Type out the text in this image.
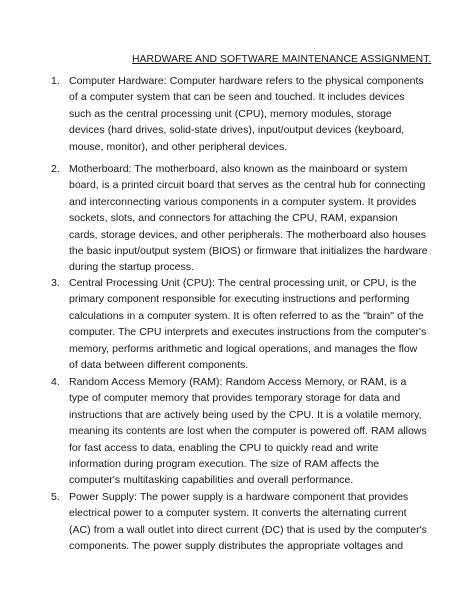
HARDWARE AND SOFTWARE MAINTENANCE ASSIGNMENT.
1. Computer Hardware: Computer hardware refers to the physical components of a computer system that can be seen and touched. It includes devices such as the central processing unit (CPU), memory modules, storage devices (hard drives, solid-state drives), input/output devices (keyboard, mouse, monitor), and other peripheral devices.
2. Motherboard: The motherboard, also known as the mainboard or system board, is a printed circuit board that serves as the central hub for connecting and interconnecting various components in a computer system. It provides sockets, slots, and connectors for attaching the CPU, RAM, expansion cards, storage devices, and other peripherals. The motherboard also houses the basic input/output system (BIOS) or firmware that initializes the hardware during the startup process.
3. Central Processing Unit (CPU): The central processing unit, or CPU, is the primary component responsible for executing instructions and performing calculations in a computer system. It is often referred to as the "brain" of the computer. The CPU interprets and executes instructions from the computer's memory, performs arithmetic and logical operations, and manages the flow of data between different components.
4. Random Access Memory (RAM): Random Access Memory, or RAM, is a type of computer memory that provides temporary storage for data and instructions that are actively being used by the CPU. It is a volatile memory, meaning its contents are lost when the computer is powered off. RAM allows for fast access to data, enabling the CPU to quickly read and write information during program execution. The size of RAM affects the computer's multitasking capabilities and overall performance.
5. Power Supply: The power supply is a hardware component that provides electrical power to a computer system. It converts the alternating current (AC) from a wall outlet into direct current (DC) that is used by the computer's components. The power supply distributes the appropriate voltages and
